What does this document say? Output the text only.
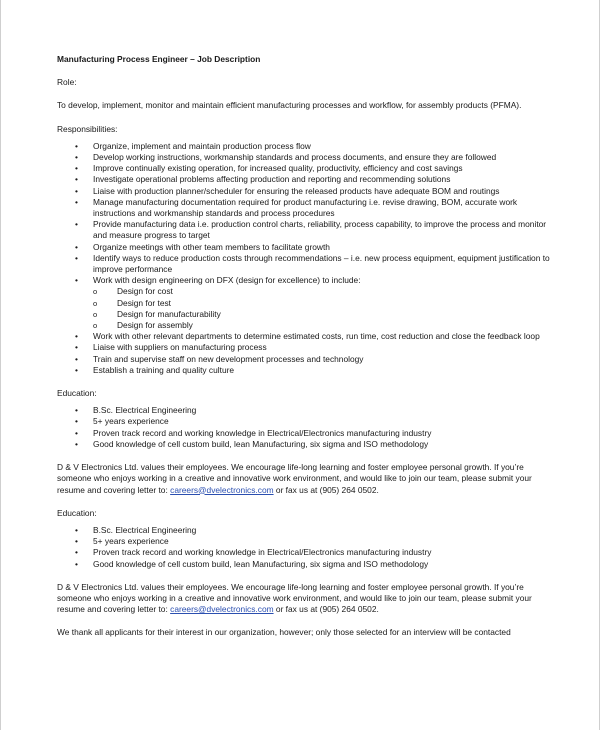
Manufacturing Process Engineer – Job Description
Role:
To develop, implement, monitor and maintain efficient manufacturing processes and workflow, for assembly products (PFMA).
Responsibilities:
• Organize, implement and maintain production process flow
• Develop working instructions, workmanship standards and process documents, and ensure they are followed
• Improve continually existing operation, for increased quality, productivity, efficiency and cost savings
• Investigate operational problems affecting production and reporting and recommending solutions
• Liaise with production planner/scheduler for ensuring the released products have adequate BOM and routings
• Manage manufacturing documentation required for product manufacturing i.e. revise drawing, BOM, accurate work instructions and workmanship standards and process procedures
• Provide manufacturing data i.e. production control charts, reliability, process capability, to improve the process and monitor and measure progress to target
• Organize meetings with other team members to facilitate growth
• Identify ways to reduce production costs through recommendations – i.e. new process equipment, equipment justification to improve performance
• Work with design engineering on DFX (design for excellence) to include:
o Design for cost
o Design for test
o Design for manufacturability
o Design for assembly
• Work with other relevant departments to determine estimated costs, run time, cost reduction and close the feedback loop
• Liaise with suppliers on manufacturing process
• Train and supervise staff on new development processes and technology
• Establish a training and quality culture
Education:
• B.Sc. Electrical Engineering
• 5+ years experience
• Proven track record and working knowledge in Electrical/Electronics manufacturing industry
• Good knowledge of cell custom build, lean Manufacturing, six sigma and ISO methodology
D & V Electronics Ltd. values their employees. We encourage life-long learning and foster employee personal growth. If you’re someone who enjoys working in a creative and innovative work environment, and would like to join our team, please submit your resume and covering letter to: careers@dvelectronics.com or fax us at (905) 264 0502.
Education:
• B.Sc. Electrical Engineering
• 5+ years experience
• Proven track record and working knowledge in Electrical/Electronics manufacturing industry
• Good knowledge of cell custom build, lean Manufacturing, six sigma and ISO methodology
D & V Electronics Ltd. values their employees. We encourage life-long learning and foster employee personal growth. If you’re someone who enjoys working in a creative and innovative work environment, and would like to join our team, please submit your resume and covering letter to: careers@dvelectronics.com or fax us at (905) 264 0502.
We thank all applicants for their interest in our organization, however; only those selected for an interview will be contacted
